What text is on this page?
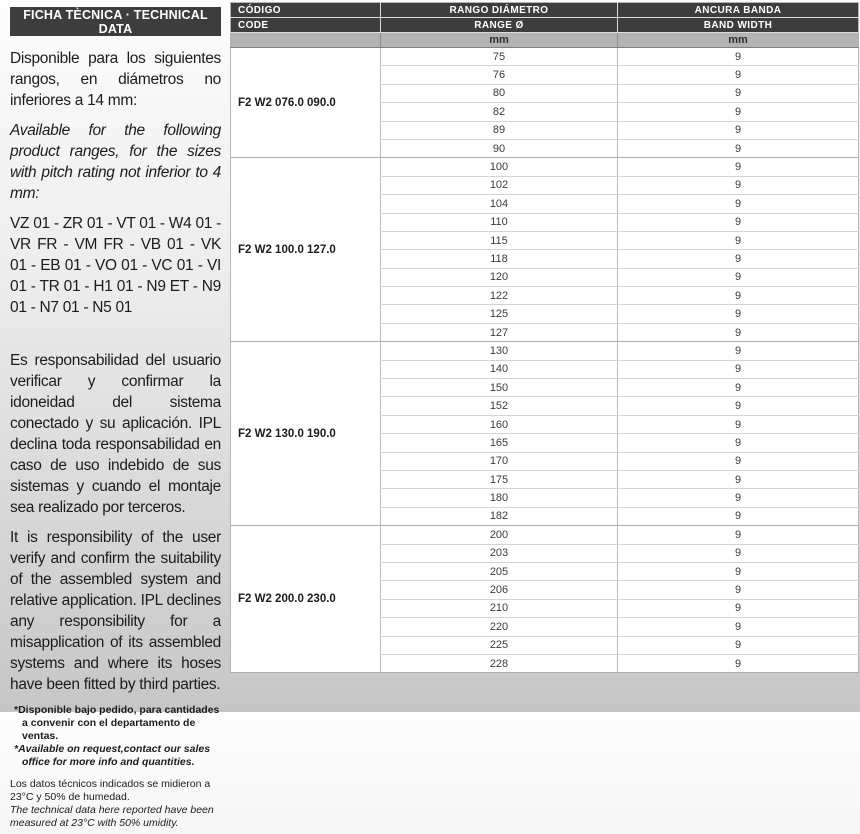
FICHA TÈCNICA · TECHNICAL DATA

Disponible para los siguientes rangos, en diámetros no inferiores a 14 mm:

Available for the following product ranges, for the sizes with pitch rating not inferior to 4 mm:

VZ 01 - ZR 01 - VT 01 - W4 01 - VR FR - VM FR - VB 01 - VK 01 - EB 01 - VO 01 - VC 01 - VI 01 - TR 01 - H1 01 - N9 ET - N9 01 - N7 01 - N5 01

Es responsabilidad del usuario verificar y confirmar la idoneidad del sistema conectado y su aplicación. IPL declina toda responsabilidad en caso de uso indebido de sus sistemas y cuando el montaje sea realizado por terceros.

It is responsibility of the user verify and confirm the suitability of the assembled system and relative application. IPL declines any responsibility for a misapplication of its assembled systems and where its hoses have been fitted by third parties.

*Disponible bajo pedido, para cantidades a convenir con el departamento de ventas.

*Available on request,contact our sales office for more info and quantities.

Los datos técnicos indicados se midieron a 23°C y 50% de humedad.

The technical data here reported have been measured at 23°C with 50% umidity.

CÓDIGO	RANGO DIÁMETRO	ANCURA BANDA
CODE	RANGE Ø	BAND WIDTH
	mm	mm
F2 W2 076.0 090.0	75	9
	76	9
	80	9
	82	9
	89	9
	90	9
F2 W2 100.0 127.0	100	9
	102	9
	104	9
	110	9
	115	9
	118	9
	120	9
	122	9
	125	9
	127	9
F2 W2 130.0 190.0	130	9
	140	9
	150	9
	152	9
	160	9
	165	9
	170	9
	175	9
	180	9
	182	9
F2 W2 200.0 230.0	200	9
	203	9
	205	9
	206	9
	210	9
	220	9
	225	9
	228	9
